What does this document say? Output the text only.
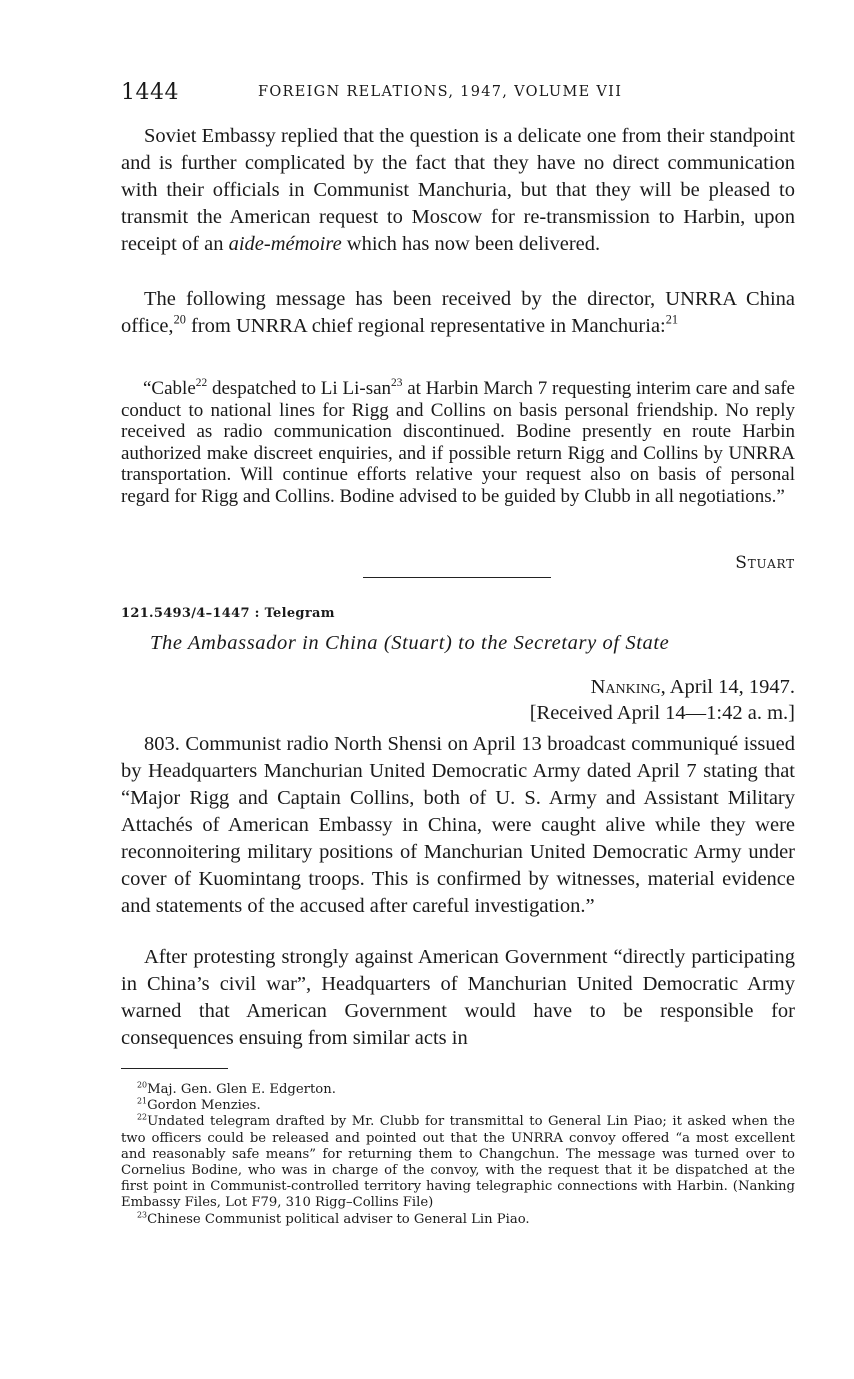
1444	FOREIGN RELATIONS, 1947, VOLUME VII

Soviet Embassy replied that the question is a delicate one from their standpoint and is further complicated by the fact that they have no direct communication with their officials in Communist Manchuria, but that they will be pleased to transmit the American request to Moscow for re-transmission to Harbin, upon receipt of an aide-mémoire which has now been delivered.

The following message has been received by the director, UNRRA China office,$^{20}$ from UNRRA chief regional representative in Manchuria:$^{21}$

“Cable$^{22}$ despatched to Li Li-san$^{23}$ at Harbin March 7 requesting interim care and safe conduct to national lines for Rigg and Collins on basis personal friendship. No reply received as radio communication discontinued. Bodine presently en route Harbin authorized make discreet enquiries, and if possible return Rigg and Collins by UNRRA transportation. Will continue efforts relative your request also on basis of personal regard for Rigg and Collins. Bodine advised to be guided by Clubb in all negotiations.”

Stuart
121.5493/4–1447 : Telegram
The Ambassador in China (Stuart) to the Secretary of State
Nanking, April 14, 1947.
[Received April 14—1:42 a. m.]

803. Communist radio North Shensi on April 13 broadcast communiqué issued by Headquarters Manchurian United Democratic Army dated April 7 stating that “Major Rigg and Captain Collins, both of U. S. Army and Assistant Military Attachés of American Embassy in China, were caught alive while they were reconnoitering military positions of Manchurian United Democratic Army under cover of Kuomintang troops. This is confirmed by witnesses, material evidence and statements of the accused after careful investigation.”

After protesting strongly against American Government “directly participating in China’s civil war”, Headquarters of Manchurian United Democratic Army warned that American Government would have to be responsible for consequences ensuing from similar acts in

$^{20}$Maj. Gen. Glen E. Edgerton.

$^{21}$Gordon Menzies.

$^{22}$Undated telegram drafted by Mr. Clubb for transmittal to General Lin Piao; it asked when the two officers could be released and pointed out that the UNRRA convoy offered “a most excellent and reasonably safe means” for returning them to Changchun. The message was turned over to Cornelius Bodine, who was in charge of the convoy, with the request that it be dispatched at the first point in Communist-controlled territory having telegraphic connections with Harbin. (Nanking Embassy Files, Lot F79, 310 Rigg–Collins File)

$^{23}$Chinese Communist political adviser to General Lin Piao.
